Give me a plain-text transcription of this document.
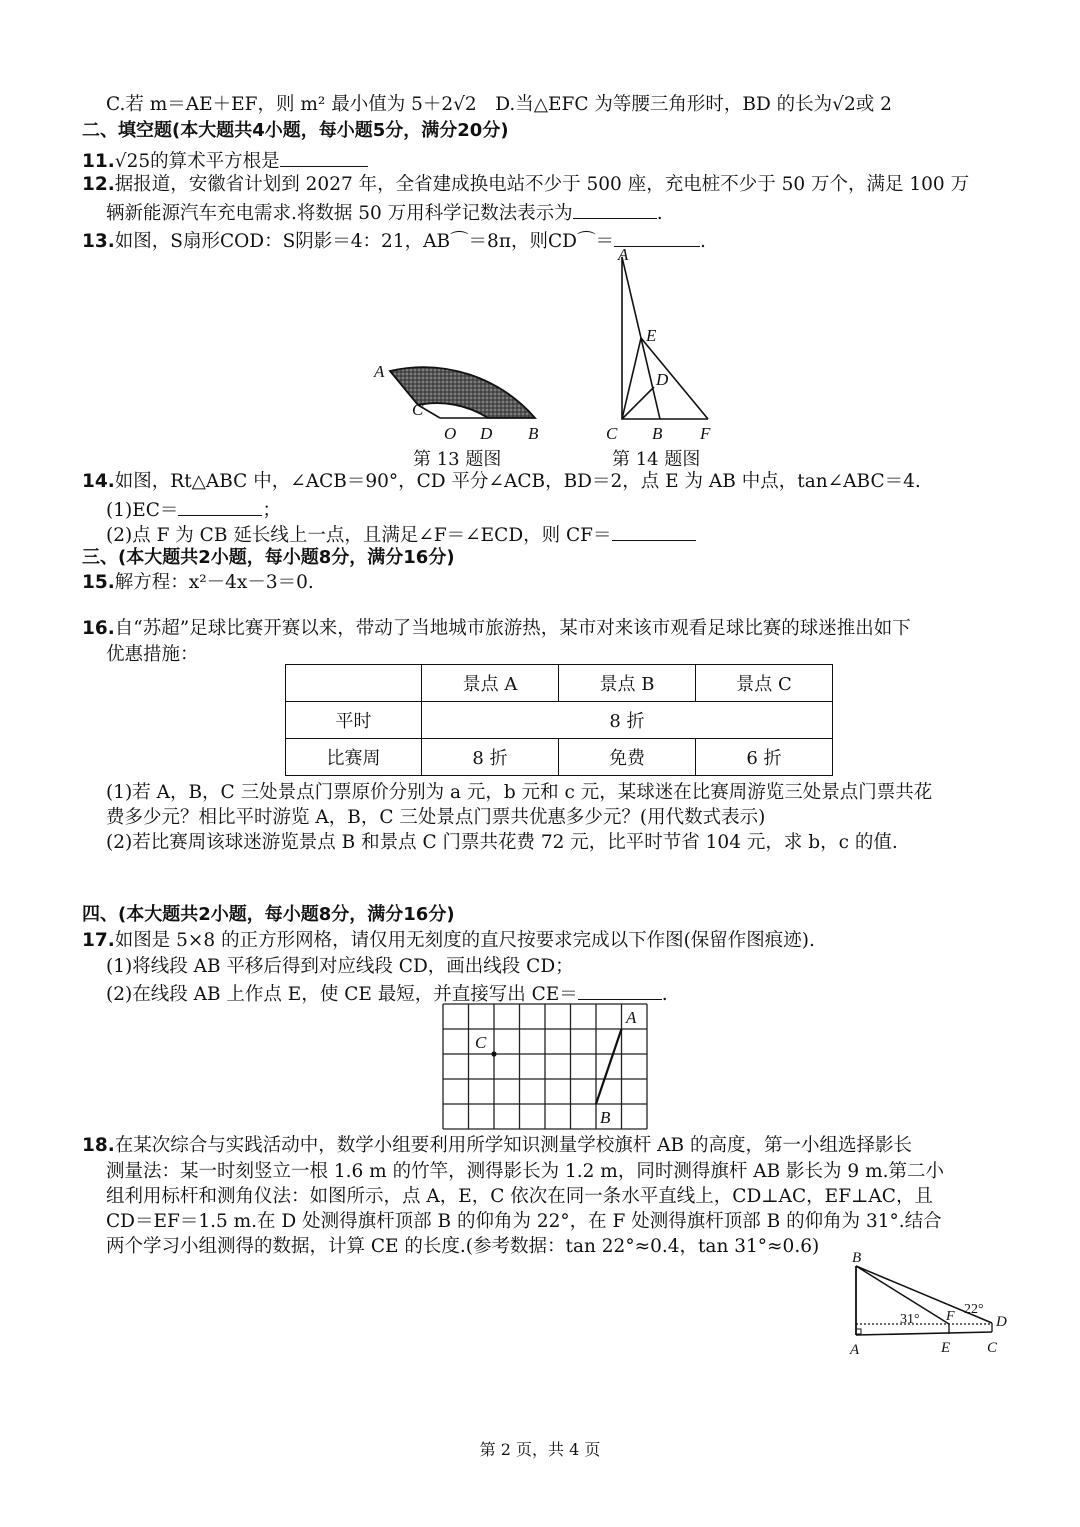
C.若 m＝AE＋EF，则 m² 最小值为 5＋2√2　D.当△EFC 为等腰三角形时，BD 的长为√2或 2
二、填空题(本大题共4小题，每小题5分，满分20分)
11.√25的算术平方根是
12.据报道，安徽省计划到 2027 年，全省建成换电站不少于 500 座，充电桩不少于 50 万个，满足 100 万
辆新能源汽车充电需求.将数据 50 万用科学记数法表示为	.
13.如图，S扇形COD：S阴影＝4：21，AB⌒＝8π，则CD⌒＝	.
A
C
O D B
第 13 题图
A
E
D
C B F
第 14 题图
14.如图，Rt△ABC 中，∠ACB＝90°，CD 平分∠ACB，BD＝2，点 E 为 AB 中点，tan∠ABC＝4.
(1)EC＝	；
(2)点 F 为 CB 延长线上一点，且满足∠F＝∠ECD，则 CF＝
三、(本大题共2小题，每小题8分，满分16分)
15.解方程：x²－4x－3＝0.
16.自“苏超”足球比赛开赛以来，带动了当地城市旅游热，某市对来该市观看足球比赛的球迷推出如下
优惠措施：
	景点 A	景点 B	景点 C
平时	8 折		
比赛周	8 折	免费	6 折
(1)若 A，B，C 三处景点门票原价分别为 a 元，b 元和 c 元，某球迷在比赛周游览三处景点门票共花
费多少元？相比平时游览 A，B，C 三处景点门票共优惠多少元？(用代数式表示)
(2)若比赛周该球迷游览景点 B 和景点 C 门票共花费 72 元，比平时节省 104 元，求 b，c 的值.
四、(本大题共2小题，每小题8分，满分16分)
17.如图是 5×8 的正方形网格，请仅用无刻度的直尺按要求完成以下作图(保留作图痕迹).
(1)将线段 AB 平移后得到对应线段 CD，画出线段 CD；
(2)在线段 AB 上作点 E，使 CE 最短，并直接写出 CE＝	.
C
A
B
18.在某次综合与实践活动中，数学小组要利用所学知识测量学校旗杆 AB 的高度，第一小组选择影长
测量法：某一时刻竖立一根 1.6 m 的竹竿，测得影长为 1.2 m，同时测得旗杆 AB 影长为 9 m.第二小
组利用标杆和测角仪法：如图所示，点 A，E，C 依次在同一条水平直线上，CD⊥AC，EF⊥AC，且
CD＝EF＝1.5 m.在 D 处测得旗杆顶部 B 的仰角为 22°，在 F 处测得旗杆顶部 B 的仰角为 31°.结合
两个学习小组测得的数据，计算 CE 的长度.(参考数据：tan 22°≈0.4，tan 31°≈0.6)
B
A	E C
D
F
31°
22°
第 2 页，共 4 页
